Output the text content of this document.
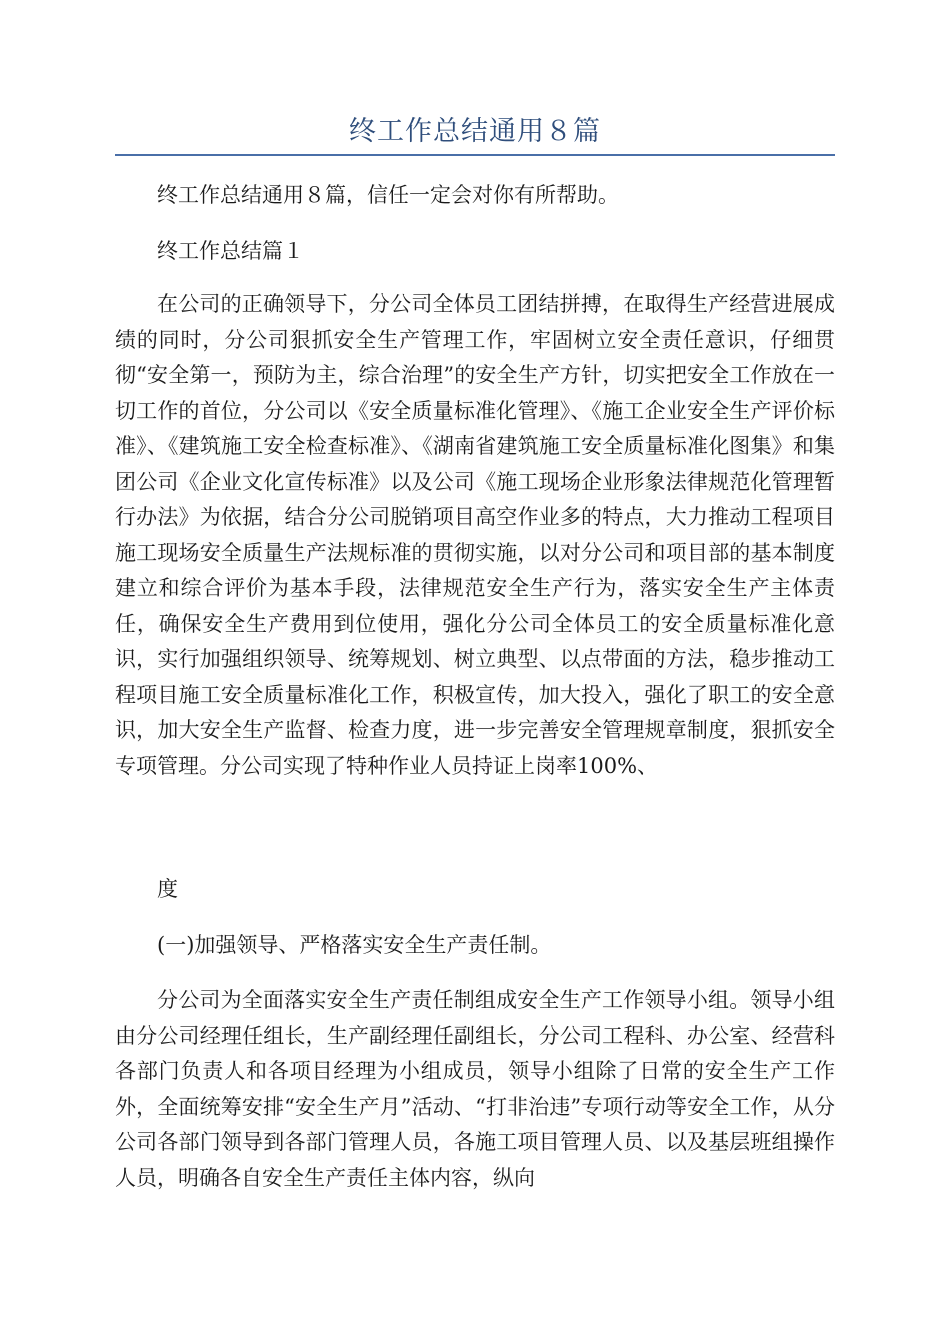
终工作总结通用８篇

终工作总结通用８篇，信任一定会对你有所帮助。

终工作总结篇１

在公司的正确领导下，分公司全体员工团结拼搏，在取得生产经营进展成绩的同时，分公司狠抓安全生产管理工作，牢固树立安全责任意识，仔细贯彻“安全第一，预防为主，综合治理”的安全生产方针，切实把安全工作放在一切工作的首位，分公司以《安全质量标准化管理》、《施工企业安全生产评价标准》、《建筑施工安全检查标准》、《湖南省建筑施工安全质量标准化图集》和集团公司《企业文化宣传标准》以及公司《施工现场企业形象法律规范化管理暂行办法》为依据，结合分公司脱销项目高空作业多的特点，大力推动工程项目施工现场安全质量生产法规标准的贯彻实施，以对分公司和项目部的基本制度建立和综合评价为基本手段，法律规范安全生产行为，落实安全生产主体责任，确保安全生产费用到位使用，强化分公司全体员工的安全质量标准化意识，实行加强组织领导、统筹规划、树立典型、以点带面的方法，稳步推动工程项目施工安全质量标准化工作，积极宣传，加大投入，强化了职工的安全意识，加大安全生产监督、检查力度，进一步完善安全管理规章制度，狠抓安全专项管理。分公司实现了特种作业人员持证上岗率100%、

度

(一)加强领导、严格落实安全生产责任制。

分公司为全面落实安全生产责任制组成安全生产工作领导小组。领导小组由分公司经理任组长，生产副经理任副组长，分公司工程科、办公室、经营科各部门负责人和各项目经理为小组成员，领导小组除了日常的安全生产工作外，全面统筹安排“安全生产月”活动、“打非治违”专项行动等安全工作，从分公司各部门领导到各部门管理人员，各施工项目管理人员、以及基层班组操作人员，明确各自安全生产责任主体内容，纵向
